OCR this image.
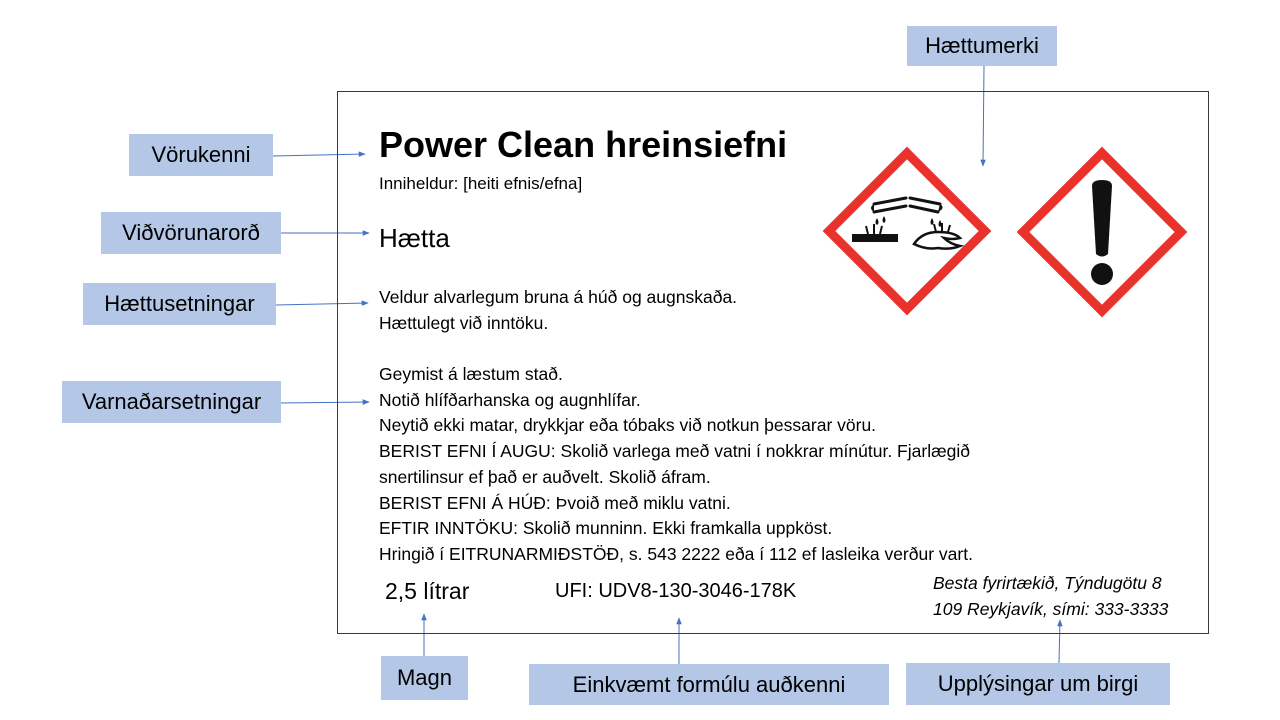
Hættumerki
Vörukenni
Viðvörunarorð
Hættusetningar
Varnaðarsetningar
Magn	Einkvæmt formúlu auðkenni	Upplýsingar um birgi
Power Clean hreinsiefni
Inniheldur: [heiti efnis/efna]
Hætta
Veldur alvarlegum bruna á húð og augnskaða.
Hættulegt við inntöku.
Geymist á læstum stað.
Notið hlífðarhanska og augnhlífar.
Neytið ekki matar, drykkjar eða tóbaks við notkun þessarar vöru.
BERIST EFNI Í AUGU: Skolið varlega með vatni í nokkrar mínútur. Fjarlægið
snertilinsur ef það er auðvelt. Skolið áfram.
BERIST EFNI Á HÚÐ: Þvoið með miklu vatni.
EFTIR INNTÖKU: Skolið munninn. Ekki framkalla uppköst.
Hringið í EITRUNARMIÐSTÖÐ, s. 543 2222 eða í 112 ef lasleika verður vart.
2,5 lítrar	UFI: UDV8-130-3046-178K	Besta fyrirtækið, Týndugötu 8
109 Reykjavík, sími: 333-3333
